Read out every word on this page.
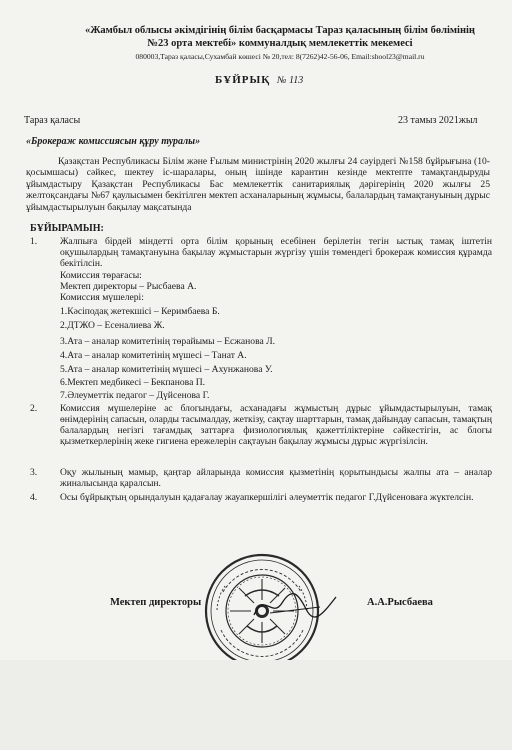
«Жамбыл облысы әкімдігінің білім басқармасы Тараз қаласының білім бөлімінің
№23 орта мектебі» коммуналдық мемлекеттік мекемесі
080003,Тараз қаласы,Сухамбай көшесі № 20,тел: 8(7262)42-56-06, Email:shool23@mail.ru
БҰЙРЫҚ № 113
Тараз қаласы	23 тамыз 2021жыл
«Брокераж комиссиясын құру туралы»
Қазақстан Республикасы Білім және Ғылым министрінің 2020 жылғы 24 сәуірдегі №158 бұйрығына (10-қосымшасы) сәйкес, шектеу іс-шаралары, оның ішінде карантин кезінде мектепте тамақтандыруды ұйымдастыру Қазақстан Республикасы Бас мемлекеттік санитариялық дәрігерінің 2020 жылғы 25 желтоқсандағы №67 қаулысымен бекітілген мектеп асханаларының жұмысы, балалардың тамақтануының дұрыс ұйымдастырылуын бақылау мақсатында
БҰЙЫРАМЫН:
1. Жалпыға бірдей міндетті орта білім қорының есебінен берілетін тегін ыстық тамақ іштетін оқушылардың тамақтануына бақылау жұмыстарын жүргізу үшін төмендегі брокераж комиссия құрамда бекітілсін.
Комиссия төрағасы:
Мектеп директоры – Рысбаева А.
Комиссия мүшелері:
1.Кәсіподақ жетекшісі – Керимбаева Б.
2.ДТЖО – Есеналиева Ж.
3.Ата – аналар комитетінің төрайымы – Есжанова Л.
4.Ата – аналар комитетінің мүшесі – Танат А.
5.Ата – аналар комитетінің мүшесі – Ахунжанова У.
6.Мектеп медбикесі – Бекпанова П.
7.Әлеуметтік педагог – Дүйсенова Г.
2. Комиссия мүшелеріне ас блогындағы, асханадағы жұмыстың дұрыс ұйымдастырылуын, тамақ өнімдерінің сапасын, оларды тасымалдау, жеткізу, сақтау шарттарын, тамақ дайындау сапасын, тамақтың балалардың негізгі тағамдық заттарға физиологиялық қажеттіліктеріне сәйкестігін, ас блогы қызметкерлерінің жеке гигиена ережелерін сақтауын бақылау жұмысы дұрыс жүргізілсін.
3. Оқу жылының мамыр, қаңтар айларында комиссия қызметінің қорытындысы жалпы ата – аналар жиналысында қаралсын.
4. Осы бұйрықтың орындалуын қадағалау жауапкершілігі әлеуметтік педагог Г.Дүйсеноваға жүктелсін.
Мектеп директоры	А.А.Рысбаева
